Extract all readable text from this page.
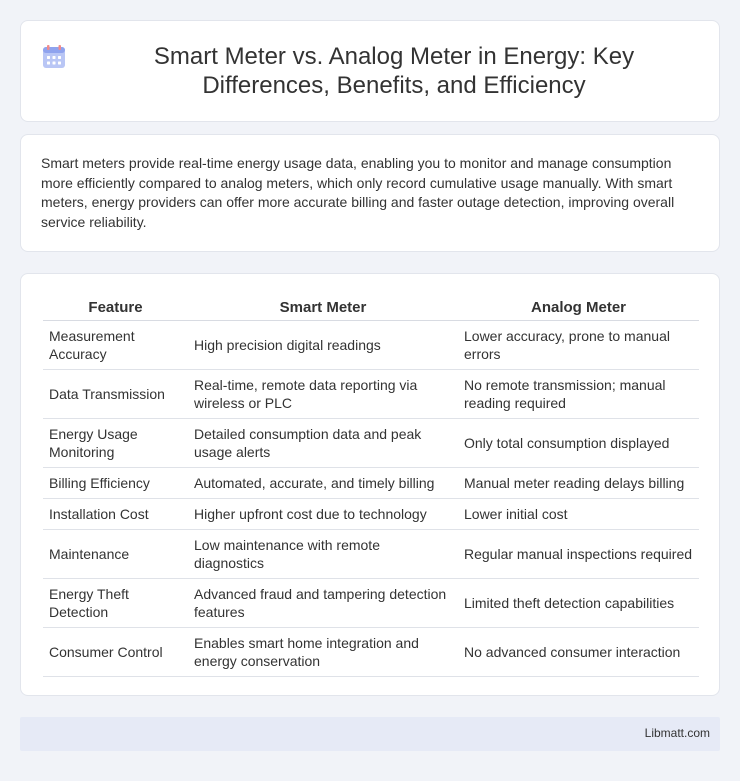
Smart Meter vs. Analog Meter in Energy: Key Differences, Benefits, and Efficiency

Smart meters provide real-time energy usage data, enabling you to monitor and manage consumption more efficiently compared to analog meters, which only record cumulative usage manually. With smart meters, energy providers can offer more accurate billing and faster outage detection, improving overall service reliability.

Feature	Smart Meter	Analog Meter
Measurement Accuracy	High precision digital readings	Lower accuracy, prone to manual errors
Data Transmission	Real-time, remote data reporting via wireless or PLC	No remote transmission; manual reading required
Energy Usage Monitoring	Detailed consumption data and peak usage alerts	Only total consumption displayed
Billing Efficiency	Automated, accurate, and timely billing	Manual meter reading delays billing
Installation Cost	Higher upfront cost due to technology	Lower initial cost
Maintenance	Low maintenance with remote diagnostics	Regular manual inspections required
Energy Theft Detection	Advanced fraud and tampering detection features	Limited theft detection capabilities
Consumer Control	Enables smart home integration and energy conservation	No advanced consumer interaction
Libmatt.com
